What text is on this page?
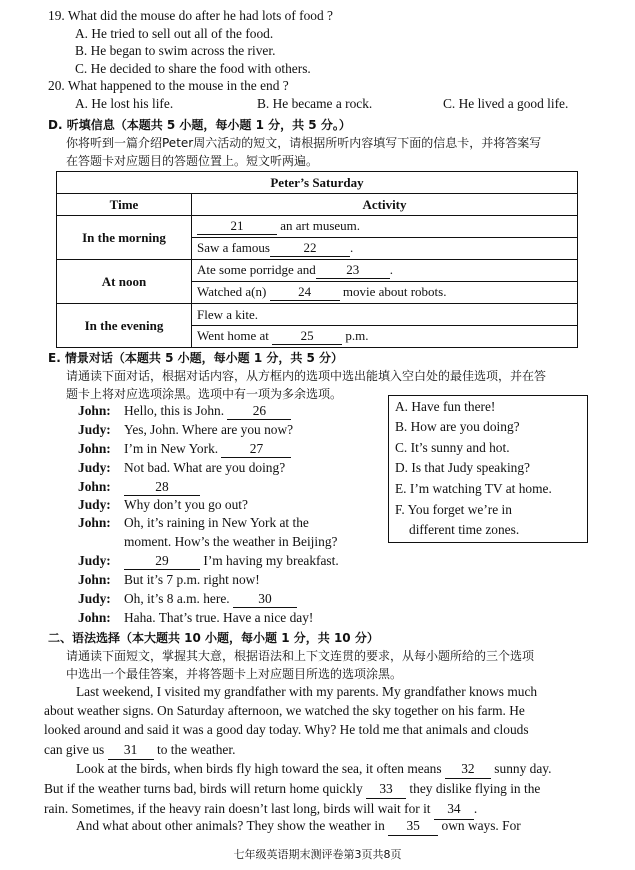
19. What did the mouse do after he had lots of food ?
A. He tried to sell out all of the food.
B. He began to swim across the river.
C. He decided to share the food with others.
20. What happened to the mouse in the end ?
A. He lost his life.	B. He became a rock.	C. He lived a good life.
D. 听填信息（本题共 5 小题，每小题 1 分，共 5 分。）
你将听到一篇介绍Peter周六活动的短文，请根据所听内容填写下面的信息卡，并将答案写
在答题卡对应题目的答题位置上。短文听两遍。
Peter’s Saturday	
Time	Activity
In the morning	21 an art museum.
	Saw a famous 22 .
At noon	Ate some porridge and 23 .
	Watched a(n) 24 movie about robots.
In the evening	Flew a kite.
	Went home at 25 p.m.
E. 情景对话（本题共 5 小题，每小题 1 分，共 5 分）
请通读下面对话，根据对话内容，从方框内的选项中选出能填入空白处的最佳选项，并在答
题卡上将对应选项涂黑。选项中有一项为多余选项。
John: Hello, this is John. 26
Judy: Yes, John. Where are you now?
John: I’m in New York. 27
Judy: Not bad. What are you doing?
John:	28
Judy: Why don’t you go out?
John: Oh, it’s raining in New York at the
moment. How’s the weather in Beijing?
Judy:	29	I’m having my breakfast.
John: But it’s 7 p.m. right now!
Judy: Oh, it’s 8 a.m. here. 30
John: Haha. That’s true. Have a nice day!
A. Have fun there!
B. How are you doing?
C. It’s sunny and hot.
D. Is that Judy speaking?
E. I’m watching TV at home.
F. You forget we’re in
different time zones.
二、语法选择（本大题共 10 小题，每小题 1 分，共 10 分）
请通读下面短文，掌握其大意，根据语法和上下文连贯的要求，从每小题所给的三个选项
中选出一个最佳答案，并将答题卡上对应题目所选的选项涂黑。
Last weekend, I visited my grandfather with my parents. My grandfather knows much
about weather signs. On Saturday afternoon, we watched the sky together on his farm. He
looked around and said it was a good day today. Why? He told me that animals and clouds
can give us 31 to the weather.
Look at the birds, when birds fly high toward the sea, it often means 32 sunny day.
But if the weather turns bad, birds will return home quickly 33 they dislike flying in the
rain. Sometimes, if the heavy rain doesn’t last long, birds will wait for it 34 .
And what about other animals? They show the weather in 35 own ways. For
七年级英语期末测评卷第3页共8页
